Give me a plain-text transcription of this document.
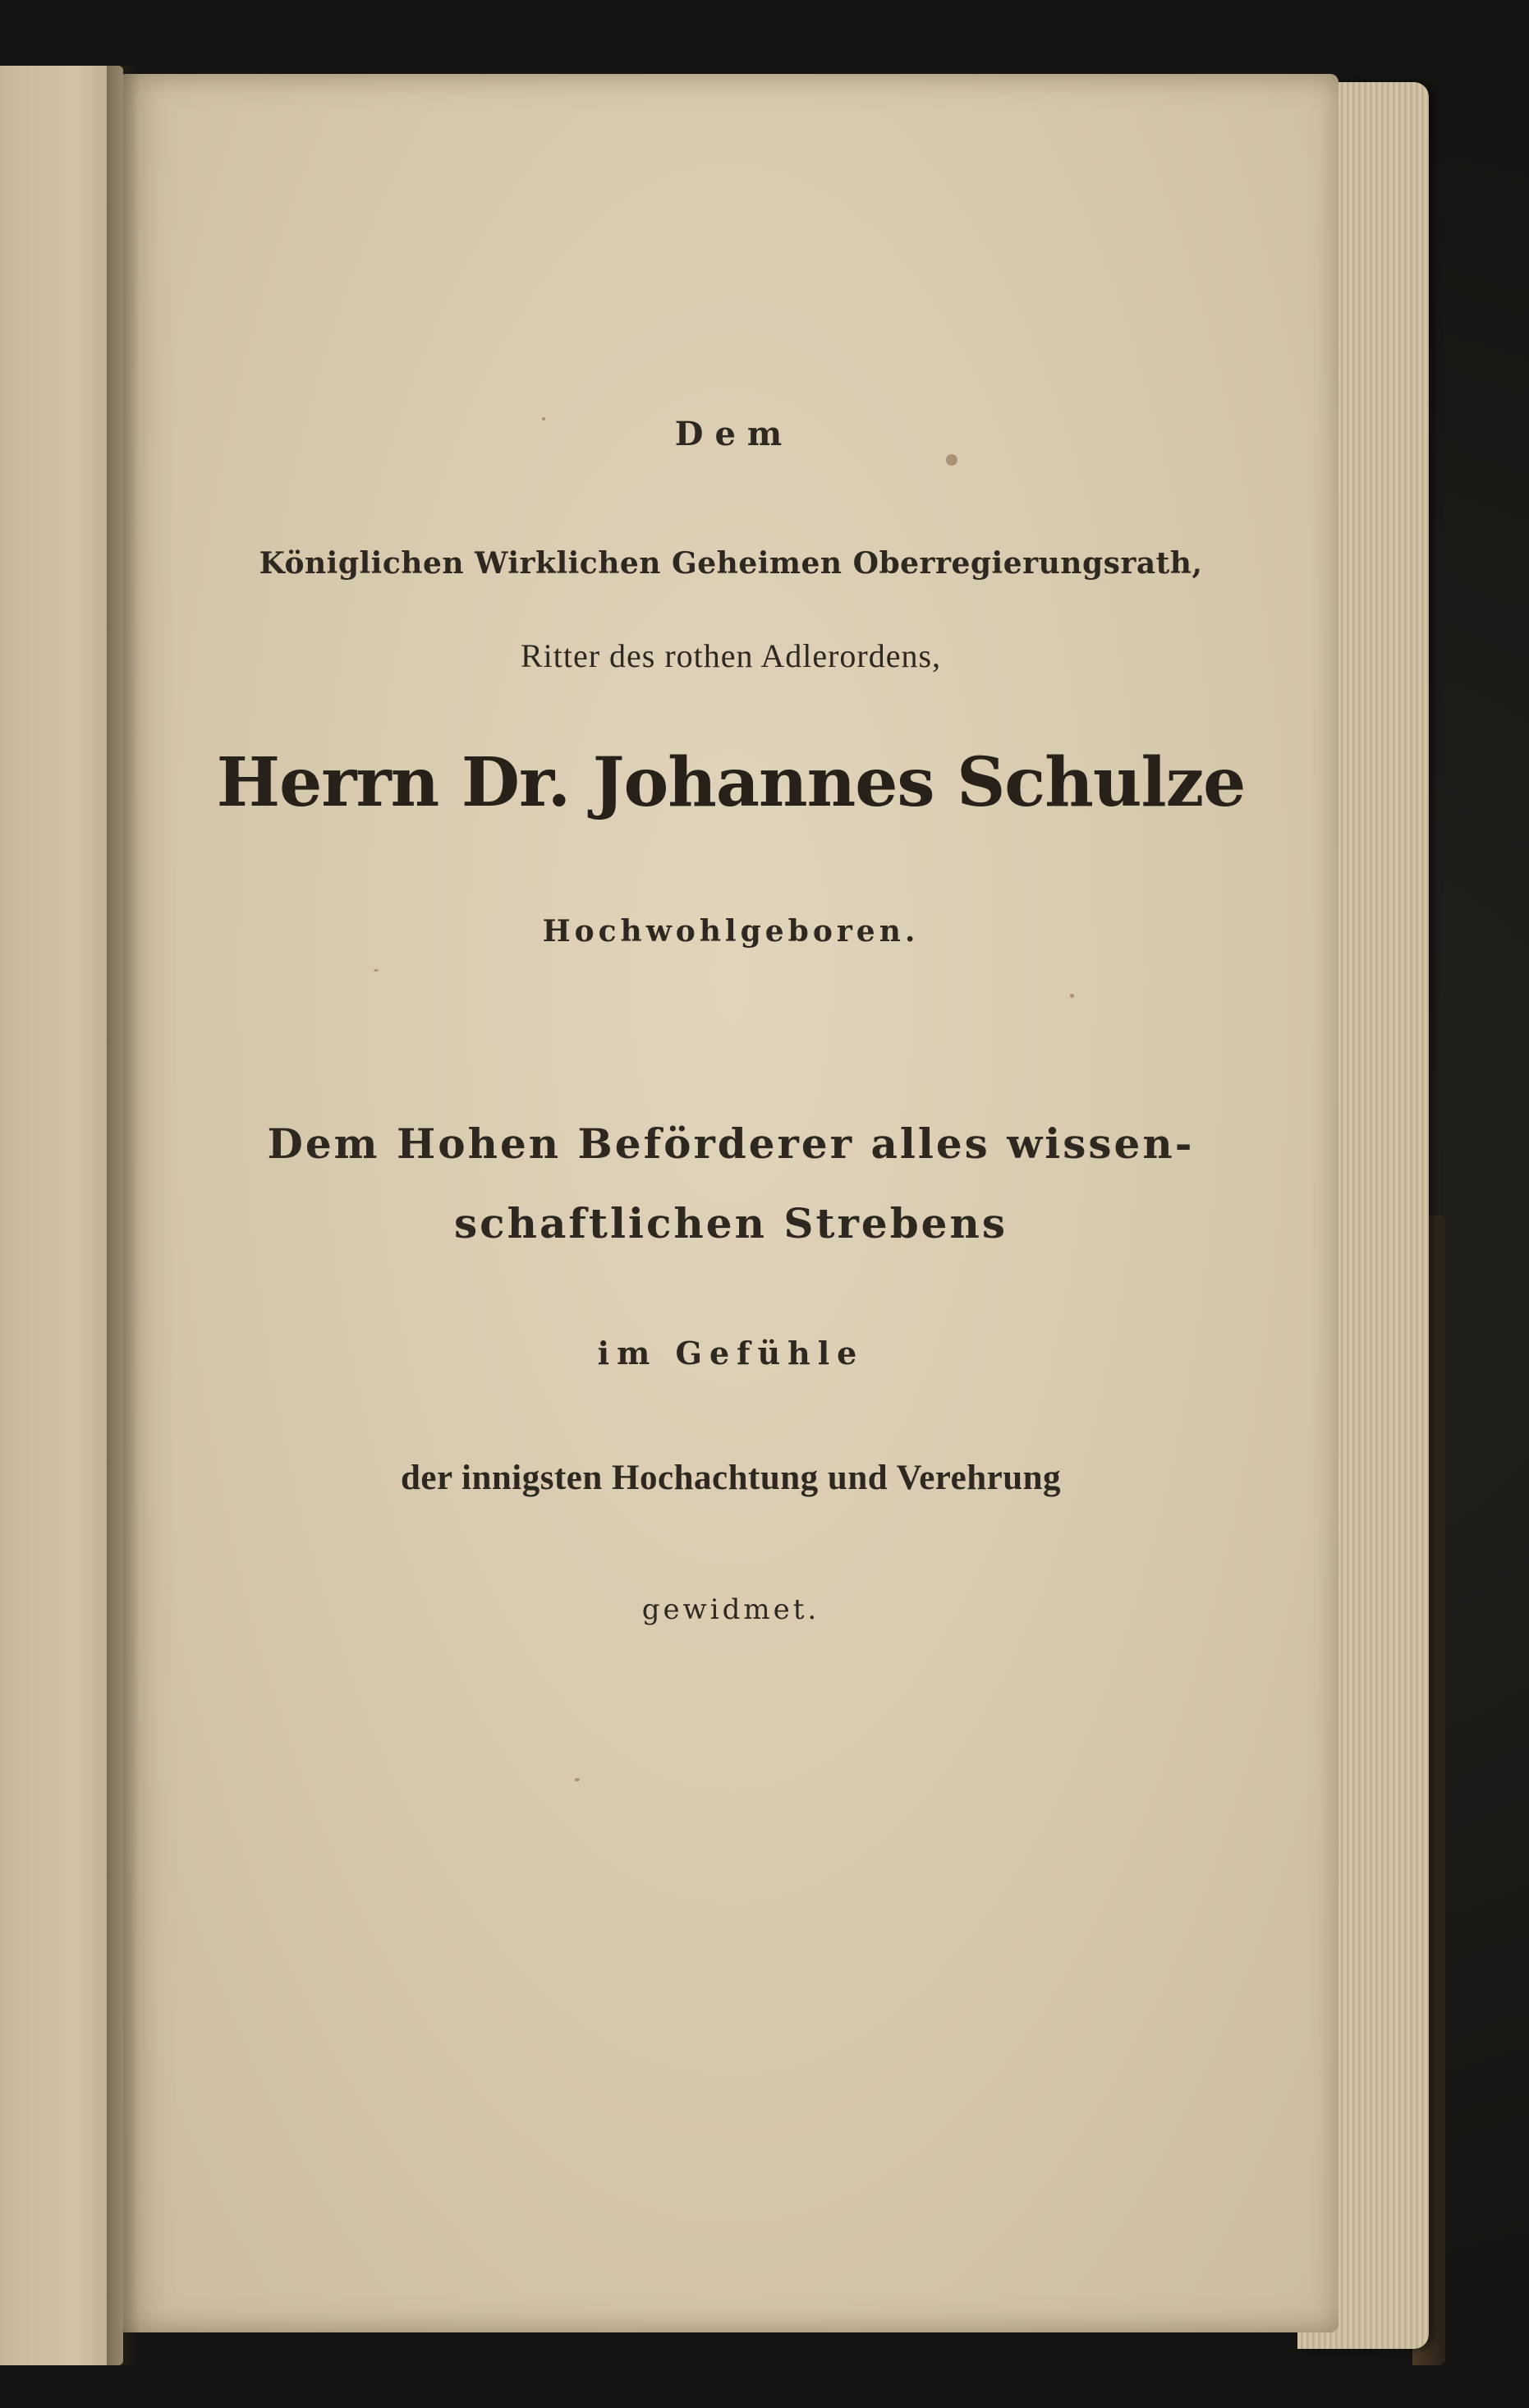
Dem

Königlichen Wirklichen Geheimen Oberregierungsrath,

Ritter des rothen Adlerordens,

Herrn Dr. Johannes Schulze

Hochwohlgeboren.

Dem Hohen Beförderer alles wissen-

schaftlichen Strebens

im Gefühle

der innigsten Hochachtung und Verehrung

gewidmet.
